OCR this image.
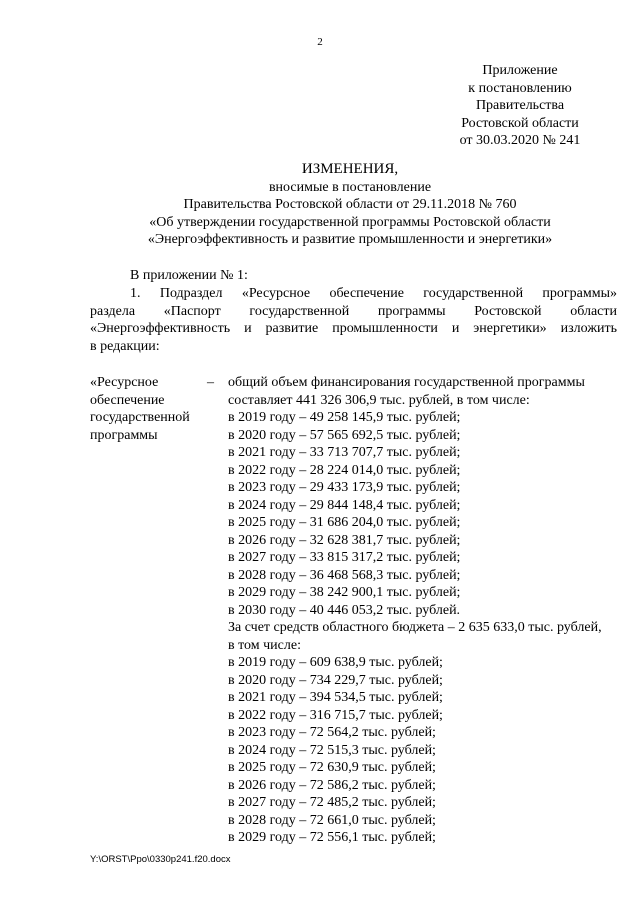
2
Приложение
к постановлению
Правительства
Ростовской области
от 30.03.2020 № 241
ИЗМЕНЕНИЯ,
вносимые в постановление
Правительства Ростовской области от 29.11.2018 № 760
«Об утверждении государственной программы Ростовской области
«Энергоэффективность и развитие промышленности и энергетики»
В приложении № 1:
1. Подраздел «Ресурсное обеспечение государственной программы»
раздела «Паспорт государственной программы Ростовской области
«Энергоэффективность и развитие промышленности и энергетики» изложить
в редакции:
«Ресурсное
обеспечение
государственной
программы
– общий объем финансирования государственной программы
составляет 441 326 306,9 тыс. рублей, в том числе:
в 2019 году – 49 258 145,9 тыс. рублей;
в 2020 году – 57 565 692,5 тыс. рублей;
в 2021 году – 33 713 707,7 тыс. рублей;
в 2022 году – 28 224 014,0 тыс. рублей;
в 2023 году – 29 433 173,9 тыс. рублей;
в 2024 году – 29 844 148,4 тыс. рублей;
в 2025 году – 31 686 204,0 тыс. рублей;
в 2026 году – 32 628 381,7 тыс. рублей;
в 2027 году – 33 815 317,2 тыс. рублей;
в 2028 году – 36 468 568,3 тыс. рублей;
в 2029 году – 38 242 900,1 тыс. рублей;
в 2030 году – 40 446 053,2 тыс. рублей.
За счет средств областного бюджета – 2 635 633,0 тыс. рублей,
в том числе:
в 2019 году – 609 638,9 тыс. рублей;
в 2020 году – 734 229,7 тыс. рублей;
в 2021 году – 394 534,5 тыс. рублей;
в 2022 году – 316 715,7 тыс. рублей;
в 2023 году – 72 564,2 тыс. рублей;
в 2024 году – 72 515,3 тыс. рублей;
в 2025 году – 72 630,9 тыс. рублей;
в 2026 году – 72 586,2 тыс. рублей;
в 2027 году – 72 485,2 тыс. рублей;
в 2028 году – 72 661,0 тыс. рублей;
в 2029 году – 72 556,1 тыс. рублей;
Y:\ORST\Ppo\0330p241.f20.docx
